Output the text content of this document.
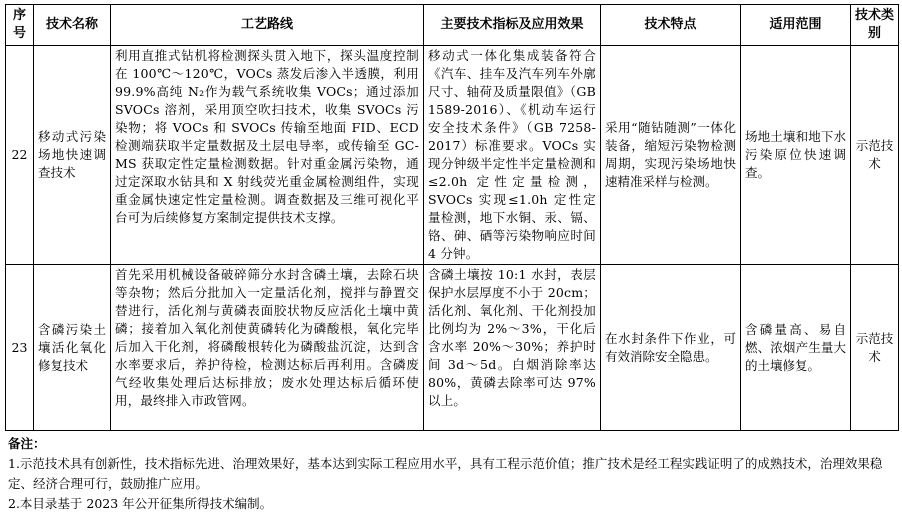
序号	技术名称	工艺路线	主要技术指标及应用效果	技术特点	适用范围	技术类别
22	移动式污染场地快速调查技术	利用直推式钻机将检测探头贯入地下，探头温度控制在 100℃～120℃，VOCs 蒸发后渗入半透膜，利用 99.9%高纯 N₂作为载气系统收集 VOCs；通过添加 SVOCs 溶剂，采用顶空吹扫技术，收集 SVOCs 污染物；将 VOCs 和 SVOCs 传输至地面 FID、ECD 检测端获取半定量数据及土层电导率，或传输至 GC-MS 获取定性定量检测数据。针对重金属污染物，通过定深取水钻具和 X 射线荧光重金属检测组件，实现重金属快速定性定量检测。调查数据及三维可视化平台可为后续修复方案制定提供技术支撑。	移动式一体化集成装备符合《汽车、挂车及汽车列车外廓尺寸、轴荷及质量限值》（GB 1589-2016）、《机动车运行安全技术条件》（GB 7258-2017）标准要求。VOCs 实现分钟级半定性半定量检测和≤2.0h 定性定量检测，SVOCs 实现≤1.0h 定性定量检测，地下水铜、汞、镉、铬、砷、硒等污染物响应时间 4 分钟。	采用“随钻随测”一体化装备，缩短污染物检测周期，实现污染场地快速精准采样与检测。	场地土壤和地下水污染原位快速调查。	示范技术
23	含磷污染土壤活化氧化修复技术	首先采用机械设备破碎筛分水封含磷土壤，去除石块等杂物；然后分批加入一定量活化剂，搅拌与静置交替进行，活化剂与黄磷表面胶状物反应活化土壤中黄磷；接着加入氧化剂使黄磷转化为磷酸根，氧化完毕后加入干化剂，将磷酸根转化为磷酸盐沉淀，达到含水率要求后，养护待检，检测达标后再利用。含磷废气经收集处理后达标排放；废水处理达标后循环使用，最终排入市政管网。	含磷土壤按 10:1 水封，表层保护水层厚度不小于 20cm；活化剂、氧化剂、干化剂投加比例均为 2%～3%，干化后含水率 20%～30%；养护时间 3d～5d。白烟消除率达 80%，黄磷去除率可达 97%以上。	在水封条件下作业，可有效消除安全隐患。	含磷量高、易自燃、浓烟产生量大的土壤修复。	示范技术
备注：
1.示范技术具有创新性，技术指标先进、治理效果好，基本达到实际工程应用水平，具有工程示范价值；推广技术是经工程实践证明了的成熟技术，治理效果稳定、经济合理可行，鼓励推广应用。
2.本目录基于 2023 年公开征集所得技术编制。
